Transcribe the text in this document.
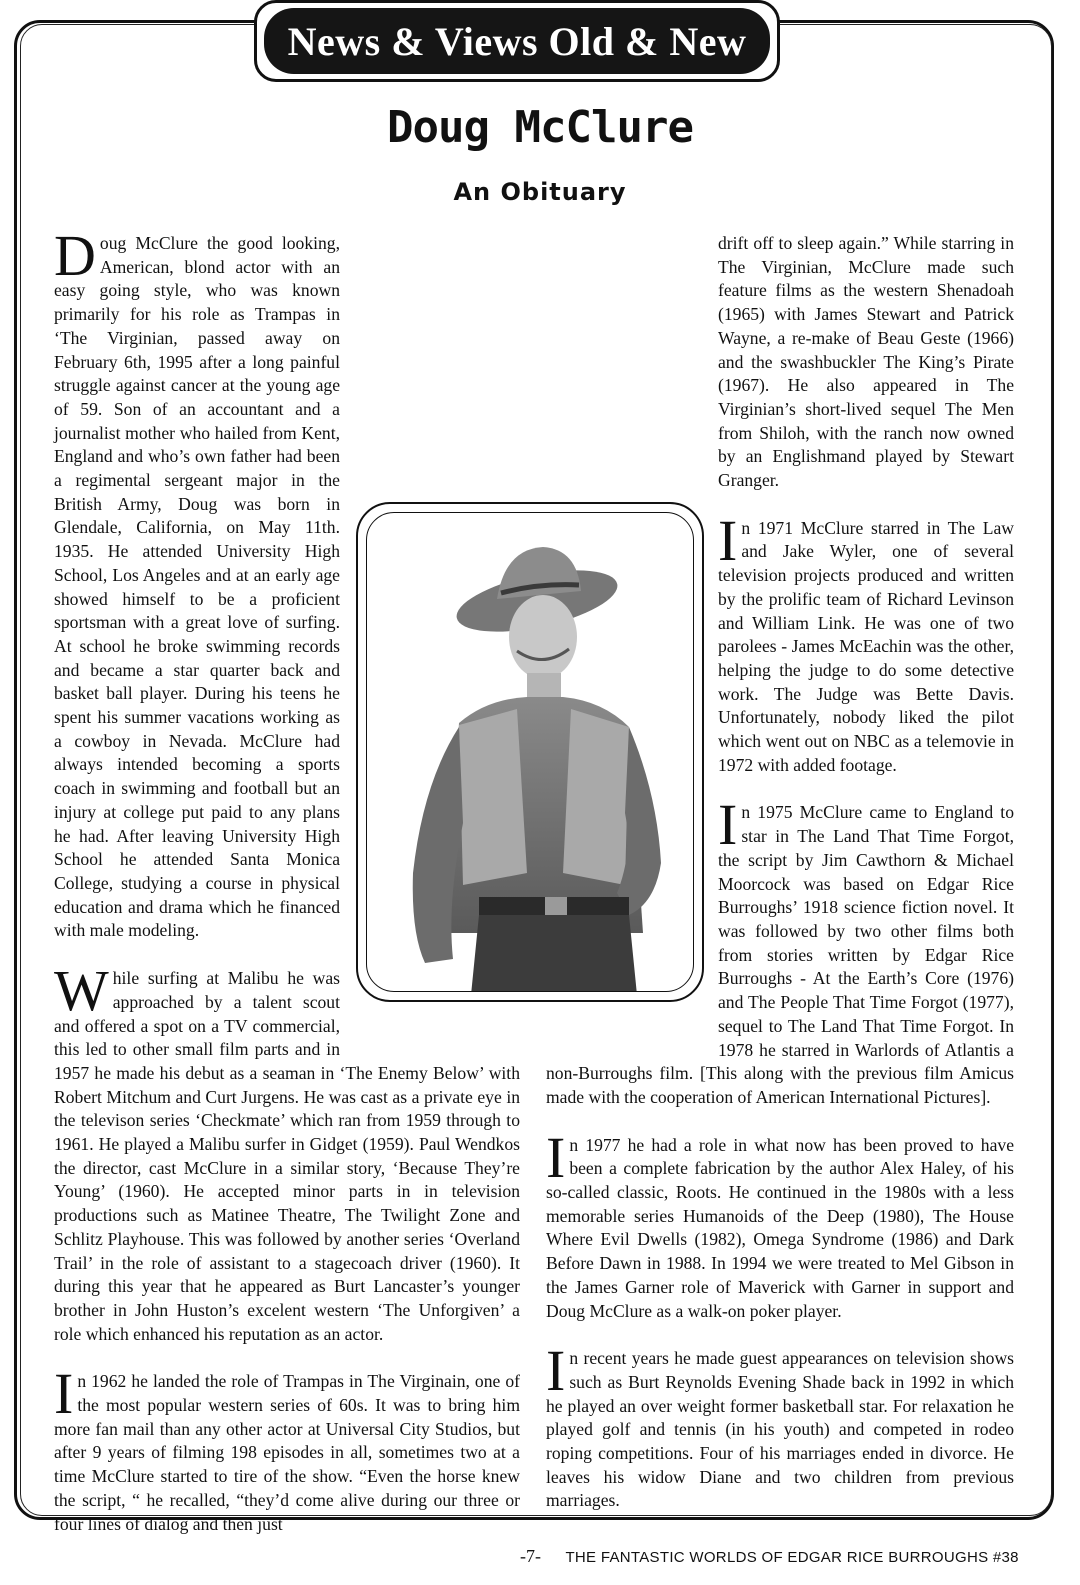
News & Views Old & New
Doug McClure
An Obituary

Doug McClure the good looking, American, blond actor with an easy going style, who was known primarily for his role as Trampas in ‘The Virginian, passed away on February 6th, 1995 after a long painful struggle against cancer at the young age of 59. Son of an accountant and a journalist mother who hailed from Kent, England and who’s own father had been a regimental sergeant major in the British Army, Doug was born in Glendale, California, on May 11th. 1935. He attended University High School, Los Angeles and at an early age showed himself to be a proficient sportsman with a great love of surfing. At school he broke swimming records and became a star quarter back and basket ball player. During his teens he spent his summer vacations working as a cowboy in Nevada. McClure had always intended becoming a sports coach in swimming and football but an injury at college put paid to any plans he had. After leaving University High School he attended Santa Monica College, studying a course in physical education and drama which he financed with male modeling.

While surfing at Malibu he was approached by a talent scout and offered a spot on a TV commercial, this led to other small film parts and in 1957 he made his debut as a seaman in ‘The Enemy Below’ with Robert Mitchum and Curt Jurgens. He was cast as a private eye in the televison series ‘Checkmate’ which ran from 1959 through to 1961. He played a Malibu surfer in Gidget (1959). Paul Wendkos the director, cast McClure in a similar story, ‘Because They’re Young’ (1960). He accepted minor parts in in television productions such as Matinee Theatre, The Twilight Zone and Schlitz Playhouse. This was followed by another series ‘Overland Trail’ in the role of assistant to a stagecoach driver (1960). It during this year that he appeared as Burt Lancaster’s younger brother in John Huston’s excelent western ‘The Unforgiven’ a role which enhanced his reputation as an actor.

In 1962 he landed the role of Trampas in The Virginain, one of the most popular western series of 60s. It was to bring him more fan mail than any other actor at Universal City Studios, but after 9 years of filming 198 episodes in all, sometimes two at a time McClure started to tire of the show. “Even the horse knew the script, “ he recalled, “they’d come alive during our three or four lines of dialog and then just

drift off to sleep again.” While starring in The Virginian, McClure made such feature films as the western Shenadoah (1965) with James Stewart and Patrick Wayne, a re-make of Beau Geste (1966) and the swashbuckler The King’s Pirate (1967). He also appeared in The Virginian’s short-lived sequel The Men from Shiloh, with the ranch now owned by an Englishmand played by Stewart Granger.

In 1971 McClure starred in The Law and Jake Wyler, one of several television projects produced and written by the prolific team of Richard Levinson and William Link. He was one of two parolees - James McEachin was the other, helping the judge to do some detective work. The Judge was Bette Davis. Unfortunately, nobody liked the pilot which went out on NBC as a telemovie in 1972 with added footage.

In 1975 McClure came to England to star in The Land That Time Forgot, the script by Jim Cawthorn & Michael Moorcock was based on Edgar Rice Burroughs’ 1918 science fiction novel. It was followed by two other films both from stories written by Edgar Rice Burroughs - At the Earth’s Core (1976) and The People That Time Forgot (1977), sequel to The Land That Time Forgot. In 1978 he starred in Warlords of Atlantis a non-Burroughs film. [This along with the previous film Amicus made with the cooperation of American International Pictures].

In 1977 he had a role in what now has been proved to have been a complete fabrication by the author Alex Haley, of his so-called classic, Roots. He continued in the 1980s with a less memorable series Humanoids of the Deep (1980), The House Where Evil Dwells (1982), Omega Syndrome (1986) and Dark Before Dawn in 1988. In 1994 we were treated to Mel Gibson in the James Garner role of Maverick with Garner in support and Doug McClure as a walk-on poker player.

In recent years he made guest appearances on television shows such as Burt Reynolds Evening Shade back in 1992 in which he played an over weight former basketball star. For relaxation he played golf and tennis (in his youth) and competed in rodeo roping competitions. Four of his marriages ended in divorce. He leaves his widow Diane and two children from previous marriages.

-7- THE FANTASTIC WORLDS OF EDGAR RICE BURROUGHS #38
